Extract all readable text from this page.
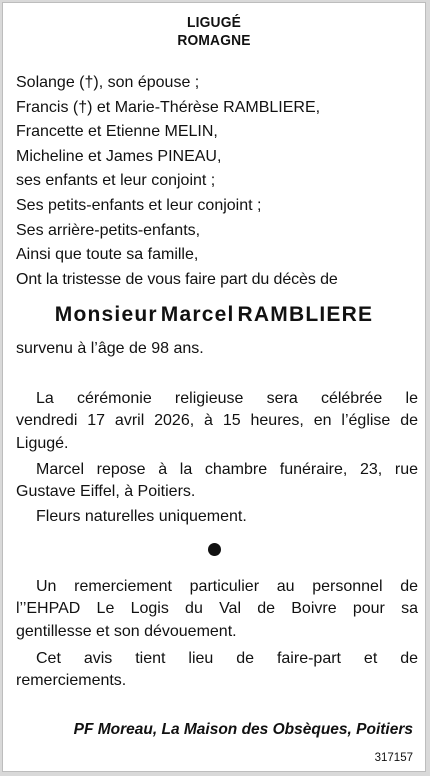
LIGUGÉ
ROMAGNE
Solange (†), son épouse ;
Francis (†) et Marie-Thérèse RAMBLIERE,
Francette et Etienne MELIN,
Micheline et James PINEAU,
ses enfants et leur conjoint ;
Ses petits-enfants et leur conjoint ;
Ses arrière-petits-enfants,
Ainsi que toute sa famille,
Ont la tristesse de vous faire part du décès de
Monsieur Marcel RAMBLIERE
survenu à l’âge de 98 ans.
La cérémonie religieuse sera célébrée le
vendredi 17 avril 2026, à 15 heures, en l’église de
Ligugé.
Marcel repose à la chambre funéraire, 23, rue
Gustave Eiffel, à Poitiers.
Fleurs naturelles uniquement.
Un remerciement particulier au personnel de
l’’EHPAD Le Logis du Val de Boivre pour sa
gentillesse et son dévouement.
Cet avis tient lieu de faire-part et de
remerciements.
PF Moreau, La Maison des Obsèques, Poitiers
317157
